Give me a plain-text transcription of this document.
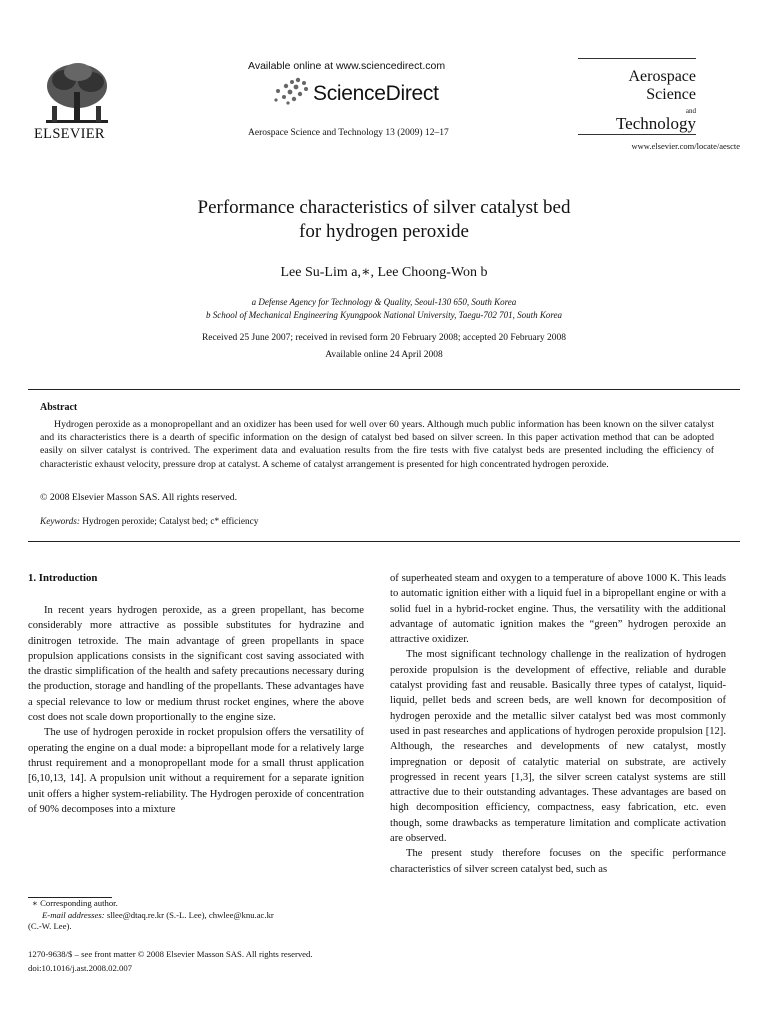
ELSEVIER
Available online at www.sciencedirect.com
ScienceDirect
Aerospace Science and Technology 13 (2009) 12–17
Aerospace
Science
and
Technology
www.elsevier.com/locate/aescte
Performance characteristics of silver catalyst bed
for hydrogen peroxide
Lee Su-Lim a,∗, Lee Choong-Won b
a Defense Agency for Technology & Quality, Seoul-130 650, South Korea
b School of Mechanical Engineering Kyungpook National University, Taegu-702 701, South Korea
Received 25 June 2007; received in revised form 20 February 2008; accepted 20 February 2008
Available online 24 April 2008
Abstract

Hydrogen peroxide as a monopropellant and an oxidizer has been used for well over 60 years. Although much public information has been known on the silver catalyst and its characteristics there is a dearth of specific information on the design of catalyst bed based on silver screen. In this paper activation method that can be adopted easily on silver catalyst is contrived. The experiment data and evaluation results from the fire tests with five catalyst beds are presented including the efficiency of characteristic exhaust velocity, pressure drop at catalyst. A scheme of catalyst arrangement is presented for high concentrated hydrogen peroxide.

© 2008 Elsevier Masson SAS. All rights reserved.
Keywords: Hydrogen peroxide; Catalyst bed; c* efficiency
1. Introduction

In recent years hydrogen peroxide, as a green propellant, has become considerably more attractive as possible substitutes for hydrazine and dinitrogen tetroxide. The main advantage of green propellants in space propulsion applications consists in the significant cost saving associated with the drastic simplification of the health and safety precautions necessary during the production, storage and handling of the propellants. These advantages have a special relevance to low or medium thrust rocket engines, where the above cost does not scale down proportionally to the engine size.

The use of hydrogen peroxide in rocket propulsion offers the versatility of operating the engine on a dual mode: a bipropellant mode for a relatively large thrust requirement and a monopropellant mode for a small thrust application [6,10,13, 14]. A propulsion unit without a requirement for a separate ignition unit offers a higher system-reliability. The Hydrogen peroxide of concentration of 90% decomposes into a mixture

of superheated steam and oxygen to a temperature of above 1000 K. This leads to automatic ignition either with a liquid fuel in a bipropellant engine or with a solid fuel in a hybrid-rocket engine. Thus, the versatility with the additional advantage of automatic ignition makes the “green” hydrogen peroxide an attractive oxidizer.

The most significant technology challenge in the realization of hydrogen peroxide propulsion is the development of effective, reliable and durable catalyst providing fast and reusable. Basically three types of catalyst, liquid-liquid, pellet beds and screen beds, are well known for decomposition of hydrogen peroxide and the metallic silver catalyst bed was most commonly used in past researches and applications of hydrogen peroxide propulsion [12]. Although, the researches and developments of new catalyst, mostly impregnation or deposit of catalytic material on substrate, are actively progressed in recent years [1,3], the silver screen catalyst systems are still attractive due to their outstanding advantages. These advantages are based on high decomposition efficiency, compactness, easy fabrication, etc. even though, some drawbacks as temperature limitation and complicate activation are observed.

The present study therefore focuses on the specific performance characteristics of silver screen catalyst bed, such as

∗ Corresponding author.
E-mail addresses: sllee@dtaq.re.kr (S.-L. Lee), chwlee@knu.ac.kr
(C.-W. Lee).
1270-9638/$ – see front matter © 2008 Elsevier Masson SAS. All rights reserved.
doi:10.1016/j.ast.2008.02.007
